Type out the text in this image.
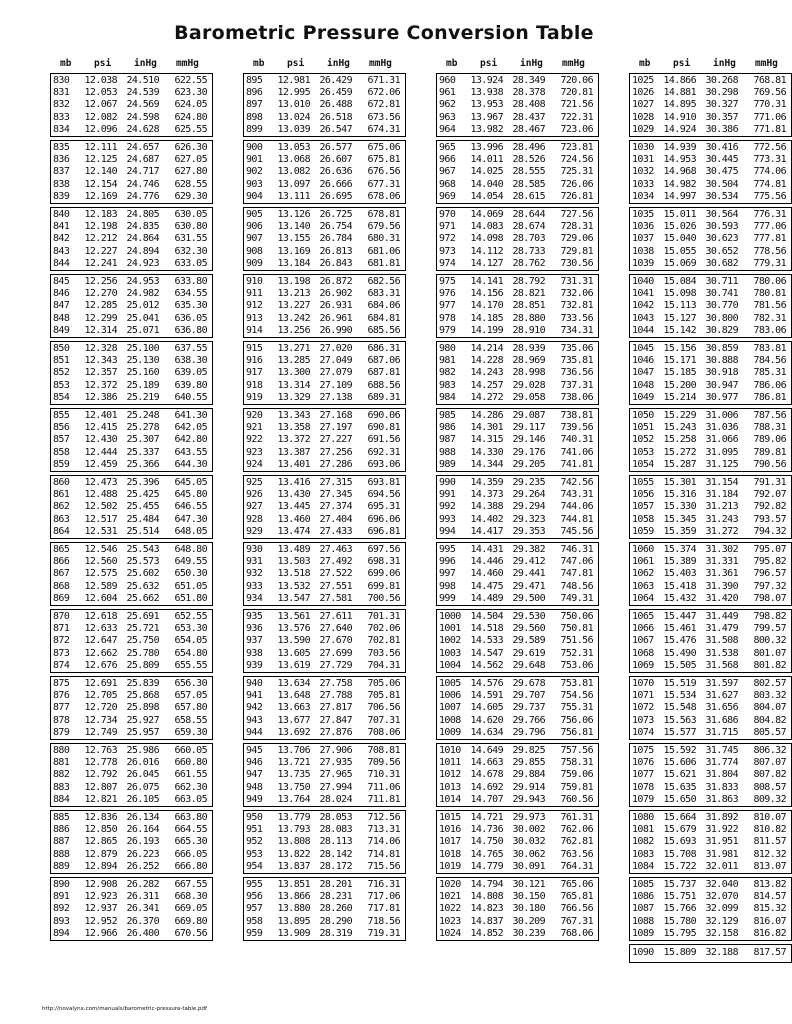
Barometric Pressure Conversion Table
mb psi inHg mmHg
830	12.038 24.510	622.55
831	12.053 24.539	623.30
832	12.067 24.569	624.05
833	12.082 24.598	624.80
834	12.096 24.628	625.55
835	12.111 24.657	626.30
836	12.125 24.687	627.05
837	12.140 24.717	627.80
838	12.154 24.746	628.55
839	12.169 24.776	629.30
840	12.183 24.805	630.05
841	12.198 24.835	630.80
842	12.212 24.864	631.55
843	12.227 24.894	632.30
844	12.241 24.923	633.05
845	12.256 24.953	633.80
846	12.270 24.982	634.55
847	12.285 25.012	635.30
848	12.299 25.041	636.05
849	12.314 25.071	636.80
850	12.328 25.100	637.55
851	12.343 25.130	638.30
852	12.357 25.160	639.05
853	12.372 25.189	639.80
854	12.386 25.219	640.55
855	12.401 25.248	641.30
856	12.415 25.278	642.05
857	12.430 25.307	642.80
858	12.444 25.337	643.55
859	12.459 25.366	644.30
860	12.473 25.396	645.05
861	12.488 25.425	645.80
862	12.502 25.455	646.55
863	12.517 25.484	647.30
864	12.531 25.514	648.05
865	12.546 25.543	648.80
866	12.560 25.573	649.55
867	12.575 25.602	650.30
868	12.589 25.632	651.05
869	12.604 25.662	651.80
870	12.618 25.691	652.55
871	12.633 25.721	653.30
872	12.647 25.750	654.05
873	12.662 25.780	654.80
874	12.676 25.809	655.55
875	12.691 25.839	656.30
876	12.705 25.868	657.05
877	12.720 25.898	657.80
878	12.734 25.927	658.55
879	12.749 25.957	659.30
880	12.763 25.986	660.05
881	12.778 26.016	660.80
882	12.792 26.045	661.55
883	12.807 26.075	662.30
884	12.821 26.105	663.05
885	12.836 26.134	663.80
886	12.850 26.164	664.55
887	12.865 26.193	665.30
888	12.879 26.223	666.05
889	12.894 26.252	666.80
890	12.908 26.282	667.55
891	12.923 26.311	668.30
892	12.937 26.341	669.05
893	12.952 26.370	669.80
894	12.966 26.400	670.56
mb psi inHg mmHg
895	12.981 26.429	671.31
896	12.995 26.459	672.06
897	13.010 26.488	672.81
898	13.024 26.518	673.56
899	13.039 26.547	674.31
900	13.053 26.577	675.06
901	13.068 26.607	675.81
902	13.082 26.636	676.56
903	13.097 26.666	677.31
904	13.111 26.695	678.06
905	13.126 26.725	678.81
906	13.140 26.754	679.56
907	13.155 26.784	680.31
908	13.169 26.813	681.06
909	13.184 26.843	681.81
910	13.198 26.872	682.56
911	13.213 26.902	683.31
912	13.227 26.931	684.06
913	13.242 26.961	684.81
914	13.256 26.990	685.56
915	13.271 27.020	686.31
916	13.285 27.049	687.06
917	13.300 27.079	687.81
918	13.314 27.109	688.56
919	13.329 27.138	689.31
920	13.343 27.168	690.06
921	13.358 27.197	690.81
922	13.372 27.227	691.56
923	13.387 27.256	692.31
924	13.401 27.286	693.06
925	13.416 27.315	693.81
926	13.430 27.345	694.56
927	13.445 27.374	695.31
928	13.460 27.404	696.06
929	13.474 27.433	696.81
930	13.489 27.463	697.56
931	13.503 27.492	698.31
932	13.518 27.522	699.06
933	13.532 27.551	699.81
934	13.547 27.581	700.56
935	13.561 27.611	701.31
936	13.576 27.640	702.06
937	13.590 27.670	702.81
938	13.605 27.699	703.56
939	13.619 27.729	704.31
940	13.634 27.758	705.06
941	13.648 27.788	705.81
942	13.663 27.817	706.56
943	13.677 27.847	707.31
944	13.692 27.876	708.06
945	13.706 27.906	708.81
946	13.721 27.935	709.56
947	13.735 27.965	710.31
948	13.750 27.994	711.06
949	13.764 28.024	711.81
950	13.779 28.053	712.56
951	13.793 28.083	713.31
952	13.808 28.113	714.06
953	13.822 28.142	714.81
954	13.837 28.172	715.56
955	13.851 28.201	716.31
956	13.866 28.231	717.06
957	13.880 28.260	717.81
958	13.895 28.290	718.56
959	13.909 28.319	719.31
mb psi inHg mmHg
960	13.924 28.349	720.06
961	13.938 28.378	720.81
962	13.953 28.408	721.56
963	13.967 28.437	722.31
964	13.982 28.467	723.06
965	13.996 28.496	723.81
966	14.011 28.526	724.56
967	14.025 28.555	725.31
968	14.040 28.585	726.06
969	14.054 28.615	726.81
970	14.069 28.644	727.56
971	14.083 28.674	728.31
972	14.098 28.703	729.06
973	14.112 28.733	729.81
974	14.127 28.762	730.56
975	14.141 28.792	731.31
976	14.156 28.821	732.06
977	14.170 28.851	732.81
978	14.185 28.880	733.56
979	14.199 28.910	734.31
980	14.214 28.939	735.06
981	14.228 28.969	735.81
982	14.243 28.998	736.56
983	14.257 29.028	737.31
984	14.272 29.058	738.06
985	14.286 29.087	738.81
986	14.301 29.117	739.56
987	14.315 29.146	740.31
988	14.330 29.176	741.06
989	14.344 29.205	741.81
990	14.359 29.235	742.56
991	14.373 29.264	743.31
992	14.388 29.294	744.06
993	14.402 29.323	744.81
994	14.417 29.353	745.56
995	14.431 29.382	746.31
996	14.446 29.412	747.06
997	14.460 29.441	747.81
998	14.475 29.471	748.56
999	14.489 29.500	749.31
1000 14.504 29.530	750.06
1001 14.518 29.560	750.81
1002 14.533 29.589	751.56
1003 14.547 29.619	752.31
1004 14.562 29.648	753.06
1005 14.576 29.678	753.81
1006 14.591 29.707	754.56
1007 14.605 29.737	755.31
1008 14.620 29.766	756.06
1009 14.634 29.796	756.81
1010 14.649 29.825	757.56
1011 14.663 29.855	758.31
1012 14.678 29.884	759.06
1013 14.692 29.914	759.81
1014 14.707 29.943	760.56
1015 14.721 29.973	761.31
1016 14.736 30.002	762.06
1017 14.750 30.032	762.81
1018 14.765 30.062	763.56
1019 14.779 30.091	764.31
1020 14.794 30.121	765.06
1021 14.808 30.150	765.81
1022 14.823 30.180	766.56
1023 14.837 30.209	767.31
1024 14.852 30.239	768.06
mb psi inHg mmHg
1025 14.866 30.268	768.81
1026 14.881 30.298	769.56
1027 14.895 30.327	770.31
1028 14.910 30.357	771.06
1029 14.924 30.386	771.81
1030 14.939 30.416	772.56
1031 14.953 30.445	773.31
1032 14.968 30.475	774.06
1033 14.982 30.504	774.81
1034 14.997 30.534	775.56
1035 15.011 30.564	776.31
1036 15.026 30.593	777.06
1037 15.040 30.623	777.81
1038 15.055 30.652	778.56
1039 15.069 30.682	779.31
1040 15.084 30.711	780.06
1041 15.098 30.741	780.81
1042 15.113 30.770	781.56
1043 15.127 30.800	782.31
1044 15.142 30.829	783.06
1045 15.156 30.859	783.81
1046 15.171 30.888	784.56
1047 15.185 30.918	785.31
1048 15.200 30.947	786.06
1049 15.214 30.977	786.81
1050 15.229 31.006	787.56
1051 15.243 31.036	788.31
1052 15.258 31.066	789.06
1053 15.272 31.095	789.81
1054 15.287 31.125	790.56
1055 15.301 31.154	791.31
1056 15.316 31.184	792.07
1057 15.330 31.213	792.82
1058 15.345 31.243	793.57
1059 15.359 31.272	794.32
1060 15.374 31.302	795.07
1061 15.389 31.331	795.82
1062 15.403 31.361	796.57
1063 15.418 31.390	797.32
1064 15.432 31.420	798.07
1065 15.447 31.449	798.82
1066 15.461 31.479	799.57
1067 15.476 31.508	800.32
1068 15.490 31.538	801.07
1069 15.505 31.568	801.82
1070 15.519 31.597	802.57
1071 15.534 31.627	803.32
1072 15.548 31.656	804.07
1073 15.563 31.686	804.82
1074 15.577 31.715	805.57
1075 15.592 31.745	806.32
1076 15.606 31.774	807.07
1077 15.621 31.804	807.82
1078 15.635 31.833	808.57
1079 15.650 31.863	809.32
1080 15.664 31.892	810.07
1081 15.679 31.922	810.82
1082 15.693 31.951	811.57
1083 15.708 31.981	812.32
1084 15.722 32.011	813.07
1085 15.737 32.040	813.82
1086 15.751 32.070	814.57
1087 15.766 32.099	815.32
1088 15.780 32.129	816.07
1089 15.795 32.158	816.82
1090 15.809 32.188	817.57
http://novalynx.com/manuals/barometric-pressure-table.pdf
